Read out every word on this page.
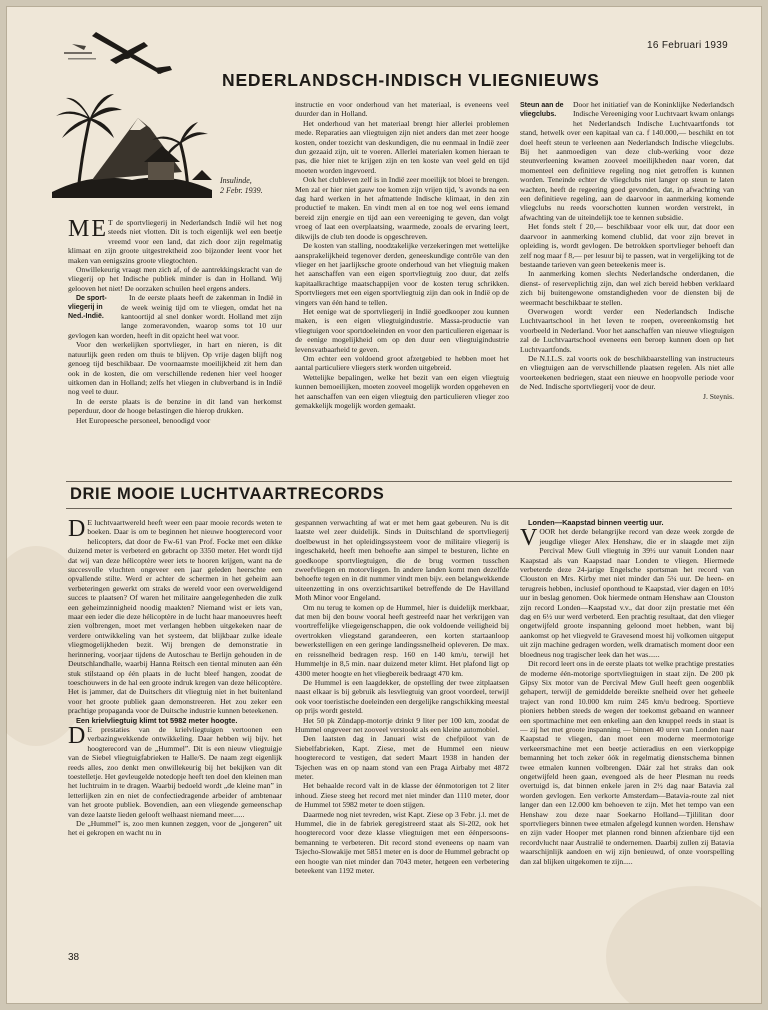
16 Februari 1939
Insulinde,
2 Febr. 1939.
NEDERLANDSCH-INDISCH VLIEGNIEUWS

MET de sportvliegerij in Nederlandsch Indië wil het nog steeds niet vlotten. Dit is toch eigenlijk wel een beetje vreemd voor een land, dat zich door zijn regelmatig klimaat en zijn groote uitgestrektheid zoo bijzonder leent voor het maken van eenigszins groote vliegtochten.

Onwillekeurig vraagt men zich af, of de aantrekkingskracht van de vliegerij op het Indische publiek minder is dan in Holland. Wij gelooven het niet! De oorzaken schuilen heel ergens anders.

De sport-vliegerij in Ned.-Indië.
In de eerste plaats heeft de zakenman in Indië in de week weinig tijd om te vliegen, omdat het na kantoortijd al snel donker wordt. Holland met zijn lange zomeravonden, waarop soms tot 10 uur gevlogen kan worden, heeft in dit opzicht heel wat voor.

Voor den werkelijken sportvlieger, in hart en nieren, is dit natuurlijk geen reden om thuis te blijven. Op vrije dagen blijft nog genoeg tijd beschikbaar. De voornaamste moeilijkheid zit hem dan ook in de kosten, die om verschillende redenen hier veel hooger uitkomen dan in Holland; zelfs het vliegen in clubverband is in Indië nog veel te duur.

In de eerste plaats is de benzine in dit land van herkomst peperduur, door de hooge belastingen die hierop drukken.

Het Europeesche personeel, benoodigd voor

instructie en voor onderhoud van het materiaal, is eveneens veel duurder dan in Holland.

Het onderhoud van het materiaal brengt hier allerlei problemen mede. Reparaties aan vliegtuigen zijn niet anders dan met zeer hooge kosten, onder toezicht van deskundigen, die nu eenmaal in Indië zeer dun gezaaid zijn, uit te voeren. Allerlei materialen komen hieraan te pas, die hier niet te krijgen zijn en ten koste van veel geld en tijd moeten worden ingevoerd.

Ook het clubleven zelf is in Indië zeer moeilijk tot bloei te brengen. Men zal er hier niet gauw toe komen zijn vrijen tijd, 's avonds na een dag hard werken in het afmattende Indische klimaat, in den zin productief te maken. En vindt men al en toe nog wel eens iemand bereid zijn energie en tijd aan een vereeniging te geven, dan volgt vroeg of laat een overplaatsing, waarmede, zooals de ervaring leert, dikwijls de club ten doode is opgeschreven.

De kosten van stalling, noodzakelijke verzekeringen met wettelijke aansprakelijkheid tegenover derden, geneeskundige contrôle van den vlieger en het jaarlijksche groote onderhoud van het vliegtuig maken het aanschaffen van een eigen sportvliegtuig zoo duur, dat zelfs kapitaalkrachtige maatschappijen voor de kosten terug schrikken. Sportvliegers met een eigen sportvliegtuig zijn dan ook in Indië op de vingers van één hand te tellen.

Het eenige wat de sportvliegerij in Indië goedkooper zou kunnen maken, is een eigen vliegtuigindustrie. Massa-productie van vliegtuigen voor sportdoeleinden en voor den particulieren eigenaar is de eenige mogelijkheid om op den duur een vliegtuigindustrie levensvatbaarheid te geven.

Om echter een voldoend groot afzetgebied te hebben moet het aantal particuliere vliegers sterk worden uitgebreid.

Wettelijke bepalingen, welke het bezit van een eigen vliegtuig kunnen bemoeilijken, moeten zooveel mogelijk worden opgeheven en het aanschaffen van een eigen vliegtuig den particulieren vlieger zoo gemakkelijk mogelijk worden gemaakt.

Steun aan de vliegclubs.
Door het initiatief van de Koninklijke Nederlandsch Indische Vereeniging voor Luchtvaart kwam onlangs het Nederlandsch Indische Luchtvaartfonds tot stand, hetwelk over een kapitaal van ca. f 140.000,— beschikt en tot doel heeft steun te verleenen aan Nederlandsch Indische vliegclubs. Bij het aanmoedigen van deze club-werking voor deze steunverleening kwamen zooveel moeilijkheden naar voren, dat momenteel een definitieve regeling nog niet getroffen is kunnen worden. Teneinde echter de vliegclubs niet langer op steun te laten wachten, heeft de regeering goed gevonden, dat, in afwachting van een definitieve regeling, aan de daarvoor in aanmerking komende vliegclubs nu reeds voorschotten kunnen worden verstrekt, in afwachting van de uiteindelijk toe te kennen subsidie.

Het fonds stelt f 20,— beschikbaar voor elk uur, dat door een daarvoor in aanmerking komend clublid, dat voor zijn brevet in opleiding is, wordt gevlogen. De betrokken sportvlieger behoeft dan zelf nog maar f 8,— per lesuur bij te passen, wat in vergelijking tot de bestaande tarieven van geen beteekenis meer is.

In aanmerking komen slechts Nederlandsche onderdanen, die dienst- of reserveplichtig zijn, dan wel zich bereid hebben verklaard zich bij buitengewone omstandigheden voor de diensten bij de weermacht beschikbaar te stellen.

Overwogen wordt verder een Nederlandsch Indische Luchtvaartschool in het leven te roepen, overeenkomstig het voorbeeld in Nederland. Voor het aanschaffen van nieuwe vliegtuigen zal de Luchtvaartschool eveneens een beroep kunnen doen op het Luchtvaartfonds.

De N.I.L.S. zal voorts ook de beschikbaarstelling van instructeurs en vliegtuigen aan de vervschillende plaatsen regelen. Als niet alle voorteekenen bedriegen, staat een nieuwe en hoopvolle periode voor de Ned. Indische sportvliegerij voor de deur.

J. Steynis.

DRIE MOOIE LUCHTVAARTRECORDS

D E luchtvaartwereld heeft weer een paar mooie records weten te boeken. Daar is om te beginnen het nieuwe hoogterecord voor helicopters, dat door de Fw-61 van Prof. Focke met een dikke duizend meter is verbeterd en gebracht op 3350 meter. Het wordt tijd dat wij van deze hélicoptère weer iets te hooren krijgen, want na de succesvolle vluchten ongeveer een jaar geleden heerschte een opvallende stilte. Werd er achter de schermen in het geheim aan verbeteringen gewerkt om straks de wereld voor een overweldigend succes te plaatsen? Of waren het militaire aangelegenheden die zulk een geheimzinnigheid noodig maakten? Niemand wist er iets van, maar een ieder die deze hélicoptère in de lucht haar manoeuvres heeft zien volbrengen, moet met verlangen hebben uitgekeken naar de verdere ontwikkeling van het systeem, dat blijkbaar zulke ideale vliegmogelijkheden bezit. Wij brengen de demonstratie in herinnering, voorjaar tijdens de Autoschau te Berlijn gehouden in de Deutschlandhalle, waarbij Hanna Reitsch een tiental minuten aan één stuk stilstaand op één plaats in de lucht bleef hangen, zoodat de toeschouwers in de hal een groote indruk kregen van deze hélicoptère. Het is jammer, dat de Duitschers dit vliegtuig niet in het buitenland voor het groote publiek gaan demonstreeren. Het zou zeker een prachtige propaganda voor de Duitsche industrie kunnen beteekenen.

Een krielvliegtuig klimt tot 5982 meter hoogte.

D E prestaties van de krielvliegtuigen vertoonen een verbazingwekkende ontwikkeling. Daar hebben wij bijv. het hoogterecord van de „Hummel”. Dit is een nieuw vliegtuigje van de Siebel vliegtuigfabrieken te Halle/S. De naam zegt eigenlijk reeds alles, zoo denkt men onwillekeurig bij het bekijken van dit toestelletje. Het gevleugelde notedopje heeft ten doel den kleinen man het luchtruim in te dragen. Waarbij bedoeld wordt „de kleine man” in letterlijken zin en niet de confectiedragende arbeider of ambtenaar van het groote publiek. Bovendien, aan een vliegende gemeenschap van deze laatste lieden gelooft welhaast niemand meer......

De „Hummel” is, zoo men kunnen zeggen, voor de „jongeren” uit het ei gekropen en wacht nu in

gespannen verwachting af wat er met hem gaat gebeuren. Nu is dit laatste wel zeer duidelijk. Sinds in Duitschland de sportvliegerij doelbewust in het opleidingssysteem voor de militaire vliegerij is ingeschakeld, heeft men behoefte aan simpel te besturen, lichte en goedkoope sportvliegtuigen, die de brug vormen tusschen zweefvliegen en motorvliegen. In andere landen komt men dezelfde behoefte tegen en in dit nummer vindt men bijv. een belangwekkende uiteenzetting in ons overzichtsartikel betreffende de De Havilland Moth Minor voor Engeland.

Om nu terug te komen op de Hummel, hier is duidelijk merkbaar, dat men bij den bouw vooral heeft gestreefd naar het verkrijgen van voortreffelijke vliegeigenschappen, die ook voldoende veiligheid bij overtrokken vliegstand garandeeren, een korten startaanloop bewerkstelligen en een geringe landingssnelheid opleveren. De max. en reissnelheid bedragen resp. 160 en 140 km/u, terwijl het Hummeltje in 8,5 min. naar duizend meter klimt. Het plafond ligt op 4300 meter hoogte en het vliegbereik bedraagt 470 km.

De Hummel is een laagdekker, de opstelling der twee zitplaatsen naast elkaar is bij gebruik als lesvliegtuig van groot voordeel, terwijl ook voor toeristische doeleinden een dergelijke rangschikking meestal op prijs wordt gesteld.

Het 50 pk Zündapp-motortje drinkt 9 liter per 100 km, zoodat de Hummel ongeveer net zooveel verstookt als een kleine automobiel.

Den laatsten dag in Januari wist de chefpiloot van de Siebelfabrieken, Kapt. Ziese, met de Hummel een nieuw hoogterecord te vestigen, dat sedert Maart 1938 in handen der Tsjechen was en op naam stond van een Praga Airbaby met 4872 meter.

Het behaalde record valt in de klasse der éénmotorigen tot 2 liter inhoud. Ziese steeg het record met niet minder dan 1110 meter, door de Hummel tot 5982 meter te doen stijgen.

Daarmede nog niet tevreden, wist Kapt. Ziese op 3 Febr. j.l. met de Hummel, die in de fabriek geregistreerd staat als Si-202, ook het hoogterecord voor deze klasse vliegtuigen met een éénpersoons-bemanning te verbeteren. Dit record stond eveneens op naam van Tsjecho-Slowakije met 5851 meter en is door de Hummel gebracht op een hoogte van niet minder dan 7043 meter, hetgeen een verbetering beteekent van 1192 meter.

Londen—Kaapstad binnen veertig uur.

VOOR het derde belangrijke record van deze week zorgde de jeugdige vlieger Alex Henshaw, die er in slaagde met zijn Percival Mew Gull vliegtuig in 39½ uur vanuit Londen naar Kaapstad als van Kaapstad naar Londen te vliegen. Hiermede verbeterde deze 24-jarige Engelsche sportsman het record van Clouston en Mrs. Kirby met niet minder dan 5¼ uur. De heen- en terugreis hebben, inclusief oponthoud te Kaapstad, vier dagen en 10½ uur in beslag genomen. Ook hiermede ontnam Henshaw aan Clouston zijn record Londen—Kaapstad v.v., dat door zijn prestatie met één dag en 6½ uur werd verbeterd. Een prachtig resultaat, dat den vlieger ongetwijfeld groote inspanning geloond moet hebben, want bij aankomst op het vliegveld te Gravesend moest hij volkomen uitgeput uit zijn machine gedragen worden, welk dramatisch moment door een bloedneus nog tragischer leek dan het was......

Dit record leert ons in de eerste plaats tot welke prachtige prestaties de moderne één-motorige sportvliegtuigen in staat zijn. De 200 pk Gipsy Six motor van de Percival Mew Gull heeft geen oogenblik gehapert, terwijl de gemiddelde bereikte snelheid over het geheele traject van rond 10.000 km ruim 245 km/u bedroeg. Sportieve pioniers hebben steeds de wegen der toekomst gebaand en wanneer een sportmachine met een enkeling aan den knuppel reeds in staat is — zij het met groote inspanning — binnen 40 uren van Londen naar Kaapstad te vliegen, dan moet een moderne meermotorige verkeersmachine met een beetje actieradius en een vierkoppige bemanning het toch zeker óók in regelmatig dienstschema binnen twee etmalen kunnen volbrengen. Dáár zal het straks dan ook ongetwijfeld heen gaan, evengoed als de heer Plesman nu reeds overtuigd is, dat binnen enkele jaren in 2½ dag naar Batavia zal worden gevlogen. Een verkorte Amsterdam—Batavia-route zal niet langer dan een 12.000 km behoeven te zijn. Met het tempo van een Henshaw zou deze naar Soekarno Holland—Tjililitan door sportvliegers binnen twee etmalen afgelegd kunnen worden. Henshaw en zijn vader Hooper met plannen rond binnen afzienbare tijd een recordvlucht naar Australië te ondernemen. Daarbij zullen zij Batavia waarschijnlijk aandoen en wij zijn benieuwd, of onze voorspelling dan zal blijken uitgekomen te zijn.....

38
